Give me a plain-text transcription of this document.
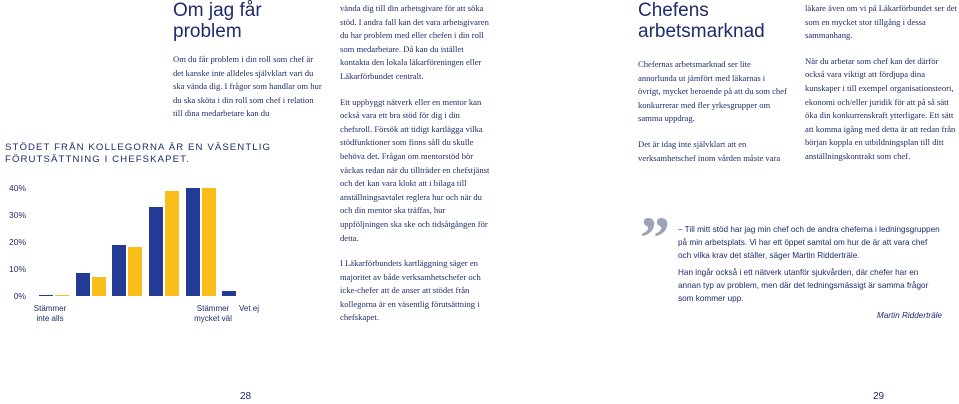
Om jag får problem

Om du får problem i din roll som chef är det kanske inte alldeles självklart vart du ska vända dig. I frågor som handlar om hur du ska sköta i din roll som chef i relation till dina medarbetare kan du

STÖDET FRÅN KOLLEGORNA ÄR EN VÄSENTLIG FÖRUTSÄTTNING I CHEFSKAPET.
0%
10%
20%
30%
40%
Stämmer
inte alls
Stämmer
mycket väl
Vet ej
28

vända dig till din arbetsgivare för att söka stöd. I andra fall kan det vara arbetsgivaren du har problem med eller chefen i din roll som medarbetare. Då kan du istället kontakta den lokala läkarföreningen eller Läkarförbundet centralt.

Ett uppbyggt nätverk eller en mentor kan också vara ett bra stöd för dig i din chefsroll. Försök att tidigt kartlägga vilka stödfunktioner som finns såll du skulle behöva det. Frågan om mentorstöd bör väckas redan när du tillträder en chefstjänst och det kan vara klokt att i bilaga till anställningsavtalet reglera hur och när du och din mentor ska träffas, hur uppföljningen ska ske och tidsåtgången för detta.

I Läkarförbundets kartläggning säger en majoritet av både verksamhetschefer och icke-chefer att de anser att stödet från kollegorna är en väsentlig förutsättning i chefskapet.

Chefens arbetsmarknad

Chefernas arbetsmarknad ser lite annorlunda ut jämfört med läkarnas i övrigt, mycket beroende på att du som chef konkurrerar med fler yrkesgrupper om samma uppdrag.

Det är idag inte självklart att en verksamhetschef inom vården måste vara

läkare även om vi på Läkarförbundet ser det som en mycket stor tillgång i dessa sammanhang.

När du arbetar som chef kan det därför också vara viktigt att fördjupa dina kunskaper i till exempel organisationsteori, ekonomi och/eller juridik för att på så sätt öka din konkurrenskraft ytterligare. Ett sätt att komma igång med detta är att redan från början koppla en utbildningsplan till ditt anställningskontrakt som chef.

” – Till mitt stöd har jag min chef och de andra cheferna i ledningsgruppen på min arbetsplats. Vi har ett öppet samtal om hur de är att vara chef och vilka krav det ställer, säger Martin Ridderträle.

Han ingår också i ett nätverk utanför sjukvården, där chefer har en annan typ av problem, men där det ledningsmässigt är samma frågor som kommer upp.

Martin Ridderträle
29
